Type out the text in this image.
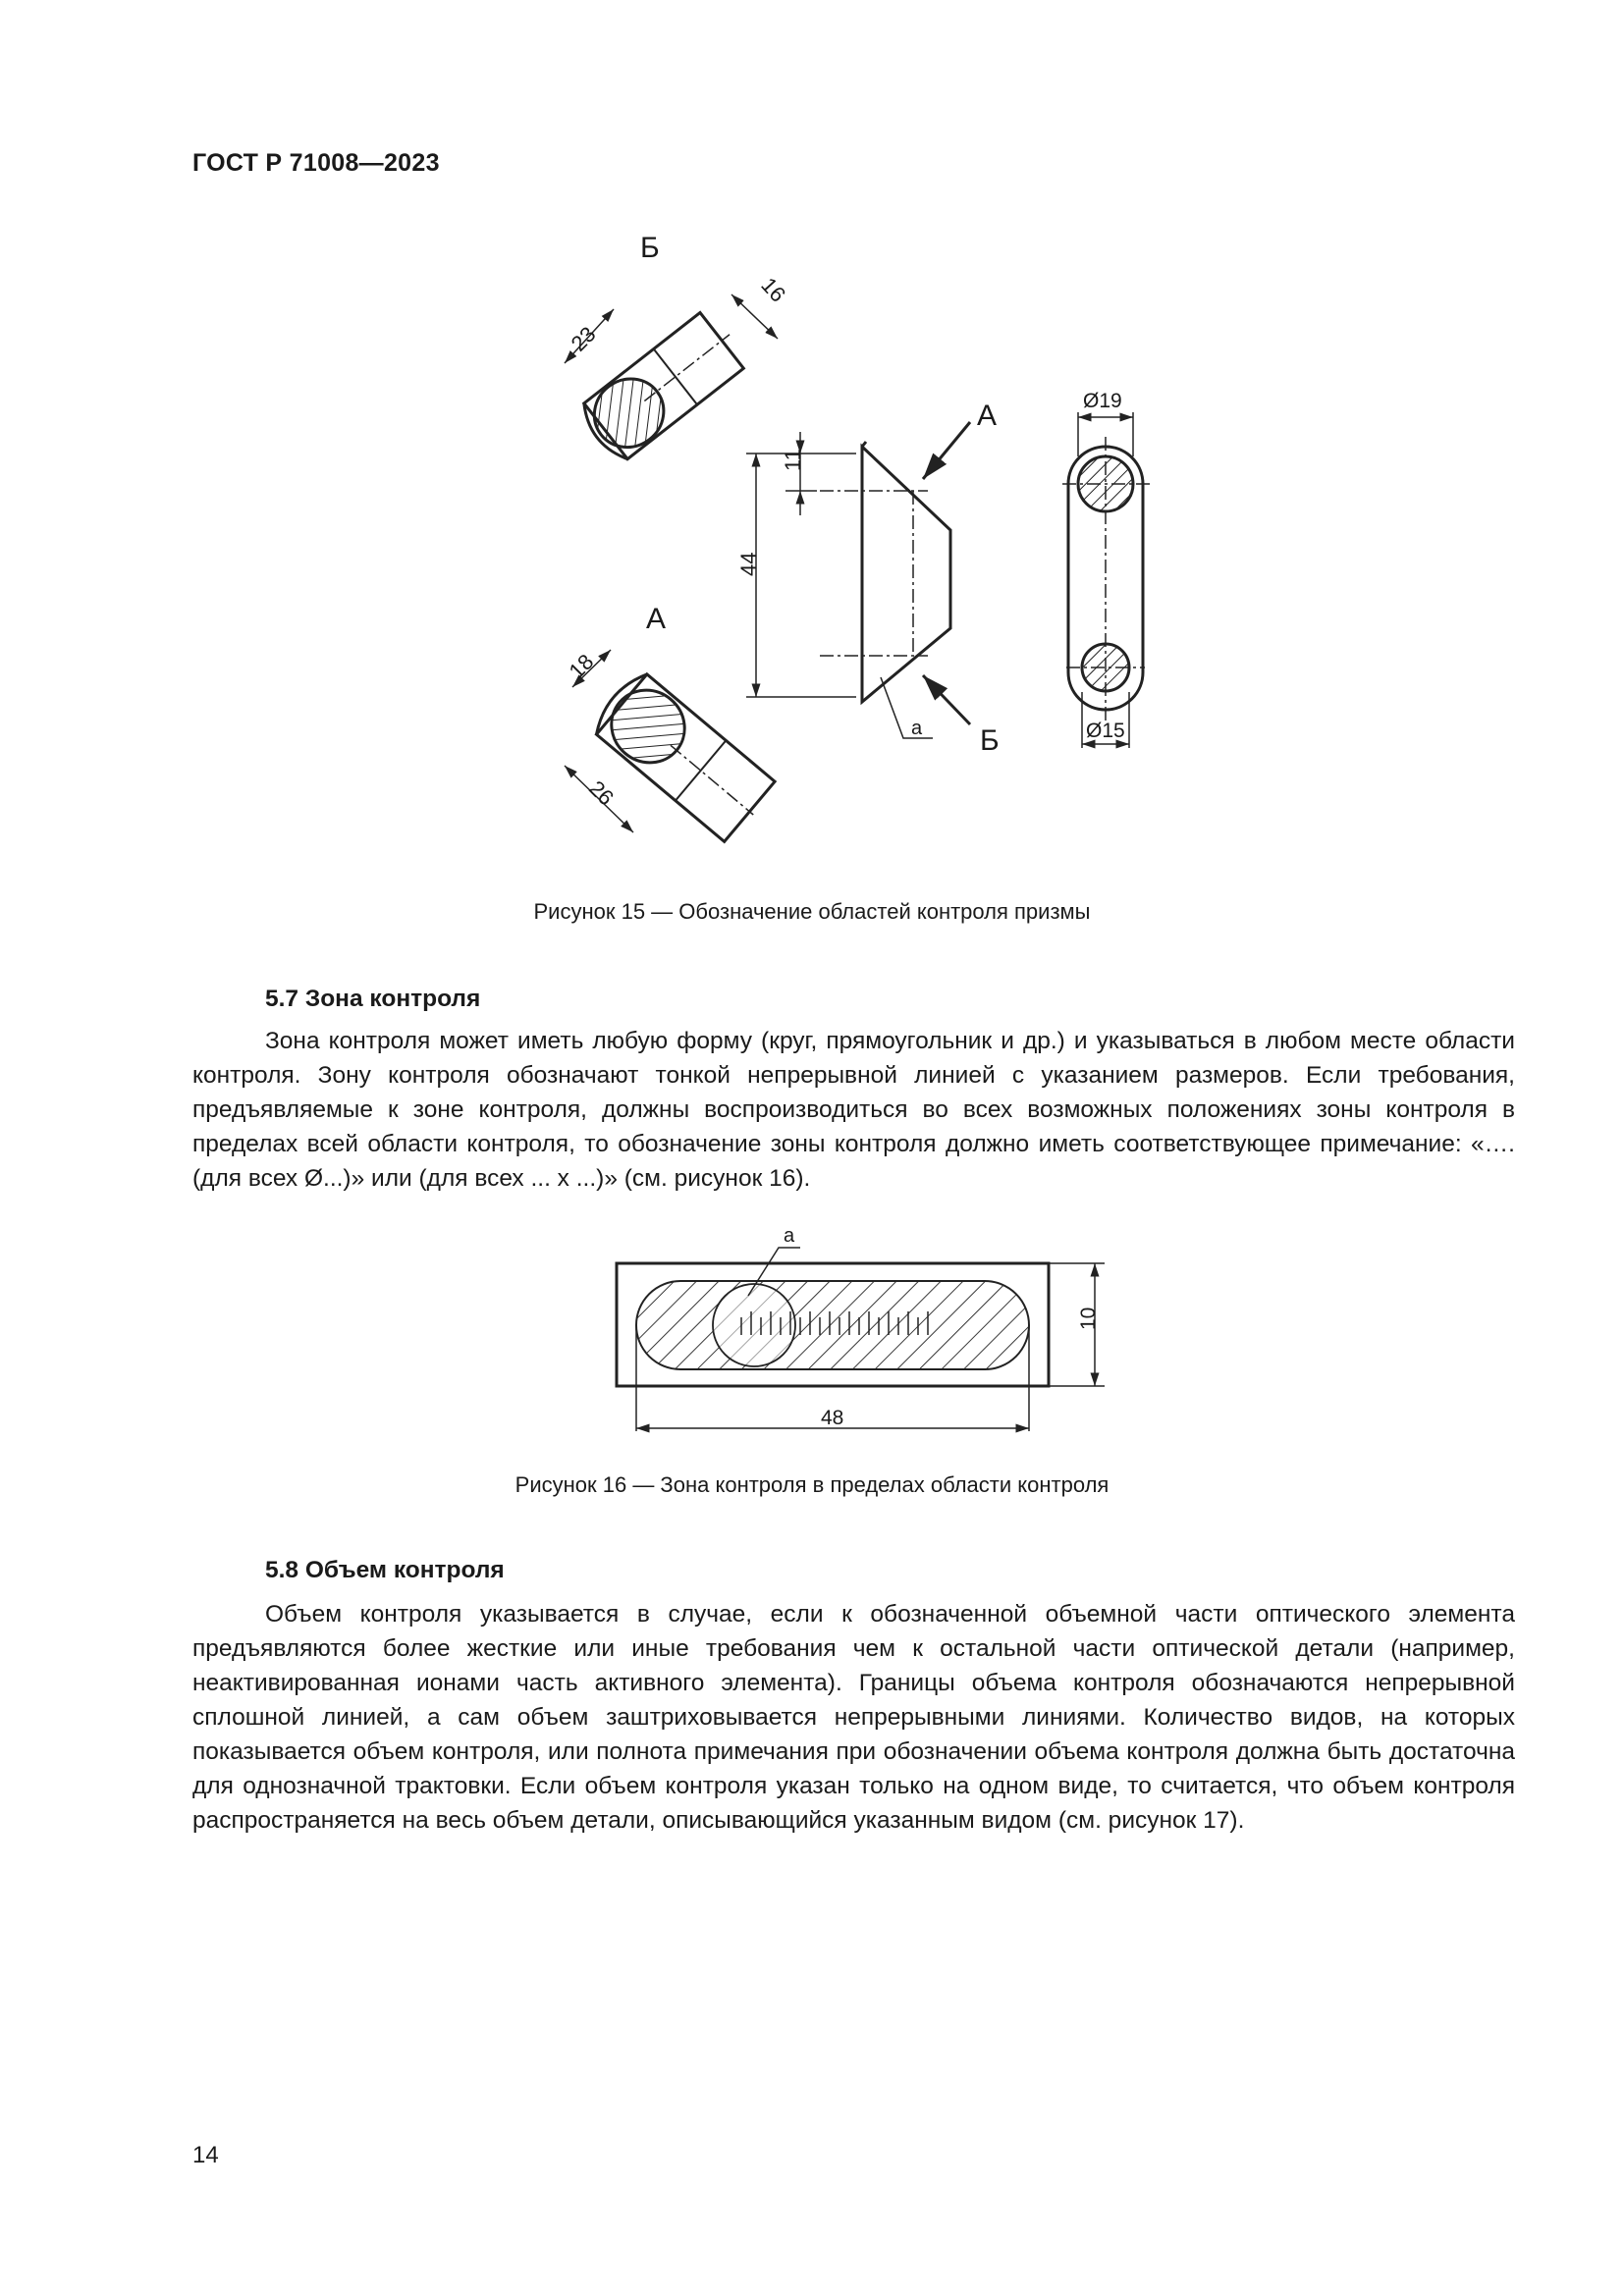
ГОСТ Р 71008—2023
Б
23
16
А
18
26
11
44
А
Б
а
Ø19
Ø15
Рисунок 15 — Обозначение областей контроля призмы
5.7 Зона контроля
Зона контроля может иметь любую форму (круг, прямоугольник и др.) и указываться в любом месте области контроля. Зону контроля обозначают тонкой непрерывной линией с указанием размеров. Если требования, предъявляемые к зоне контроля, должны воспроизводиться во всех возможных положениях зоны контроля в пределах всей области контроля, то обозначение зоны контроля должно иметь соответствующее примечание: «….(для всех Ø...)» или (для всех ... x ...)» (см. рисунок 16).
а
10
48
Рисунок 16 — Зона контроля в пределах области контроля
5.8 Объем контроля
Объем контроля указывается в случае, если к обозначенной объемной части оптического элемента предъявляются более жесткие или иные требования чем к остальной части оптической детали (например, неактивированная ионами часть активного элемента). Границы объема контроля обозначаются непрерывной сплошной линией, а сам объем заштриховывается непрерывными линиями. Количество видов, на которых показывается объем контроля, или полнота примечания при обозначении объема контроля должна быть достаточна для однозначной трактовки. Если объем контроля указан только на одном виде, то считается, что объем контроля распространяется на весь объем детали, описывающийся указанным видом (см. рисунок 17).
14
